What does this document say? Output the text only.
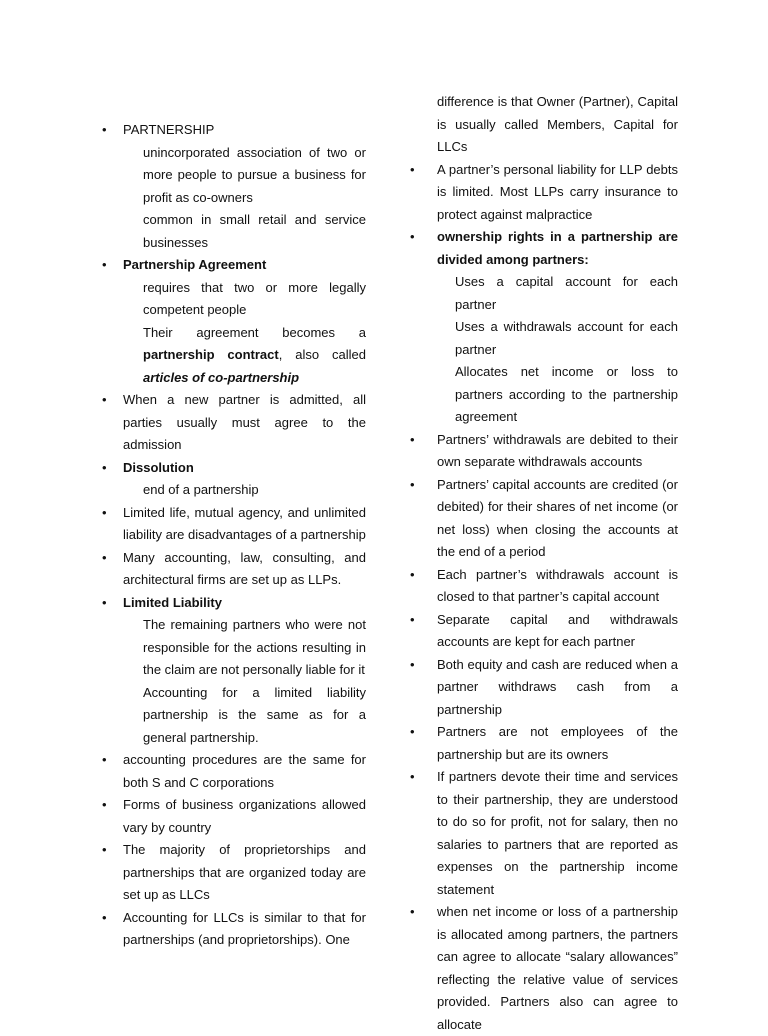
•	PARTNERSHIP
unincorporated association of two or more people to pursue a business for profit as co-owners
common in small retail and service businesses
•	Partnership Agreement
requires that two or more legally competent people
Their agreement becomes a partnership contract, also called articles of co-partnership
•	When a new partner is admitted, all parties usually must agree to the admission
•	Dissolution
end of a partnership
•	Limited life, mutual agency, and unlimited liability are disadvantages of a partnership
•	Many accounting, law, consulting, and architectural firms are set up as LLPs.
•	Limited Liability
The remaining partners who were not responsible for the actions resulting in the claim are not personally liable for it
Accounting for a limited liability partnership is the same as for a general partnership.
•	accounting procedures are the same for both S and C corporations
•	Forms of business organizations allowed vary by country
•	The majority of proprietorships and partnerships that are organized today are set up as LLCs
•	Accounting for LLCs is similar to that for partnerships (and proprietorships). One
difference is that Owner (Partner), Capital is usually called Members, Capital for LLCs
•	A partner’s personal liability for LLP debts is limited. Most LLPs carry insurance to protect against malpractice
•	ownership rights in a partnership are divided among partners:
Uses a capital account for each partner
Uses a withdrawals account for each partner
Allocates net income or loss to partners according to the partnership agreement
•	Partners’ withdrawals are debited to their own separate withdrawals accounts
•	Partners’ capital accounts are credited (or debited) for their shares of net income (or net loss) when closing the accounts at the end of a period
•	Each partner’s withdrawals account is closed to that partner’s capital account
•	Separate capital and withdrawals accounts are kept for each partner
•	Both equity and cash are reduced when a partner withdraws cash from a partnership
•	Partners are not employees of the partnership but are its owners
•	If partners devote their time and services to their partnership, they are understood to do so for profit, not for salary, then no salaries to partners that are reported as expenses on the partnership income statement
•	when net income or loss of a partnership is allocated among partners, the partners can agree to allocate “salary allowances” reflecting the relative value of services provided. Partners also can agree to allocate
